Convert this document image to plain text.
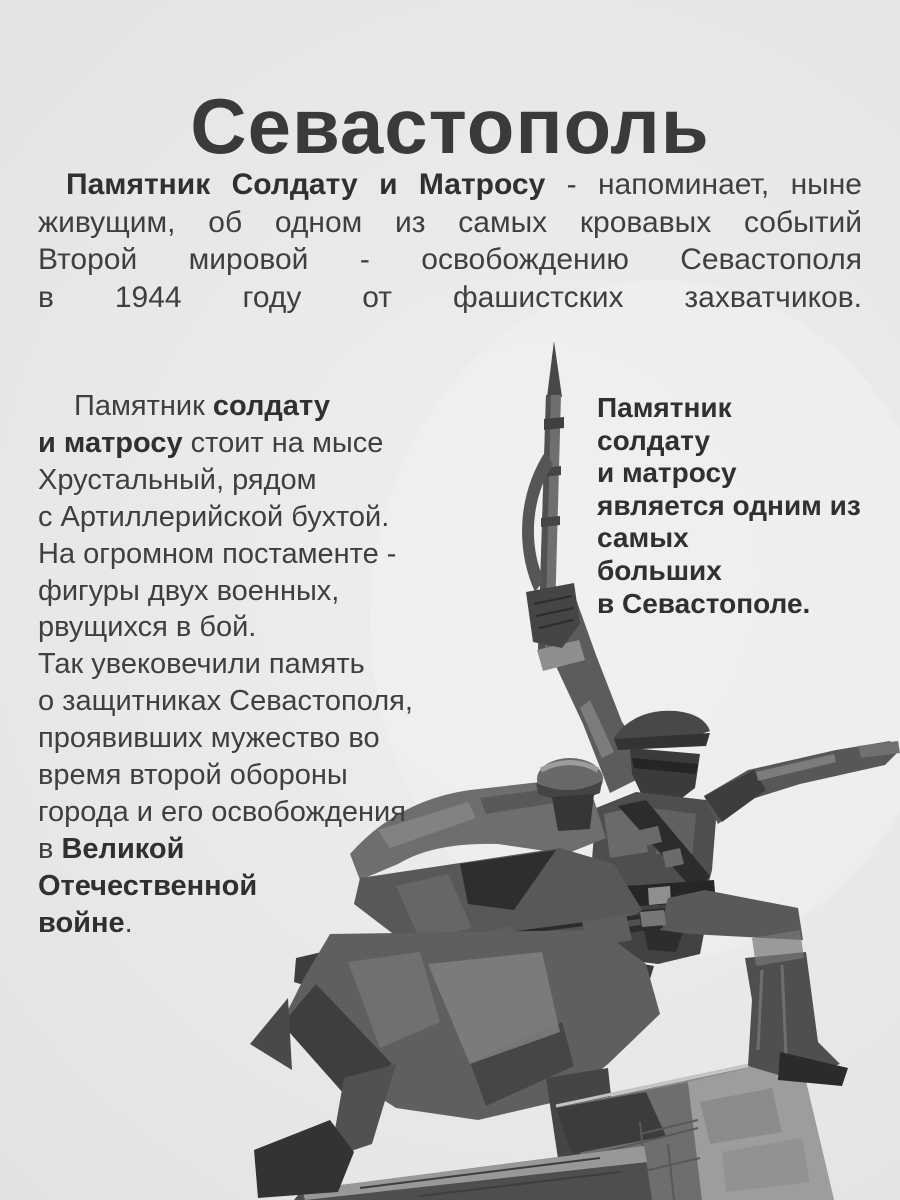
Севастополь
Памятник Солдату и Матросу - напоминает, ныне
живущим, об одном из самых кровавых событий
Второй мировой - освобождению Севастополя
в 1944 году от фашистских захватчиков.
Памятник солдату
и матросу стоит на мысе
Хрустальный, рядом
с Артиллерийской бухтой.
На огромном постаменте -
фигуры двух военных,
рвущихся в бой.
Так увековечили память
о защитниках Севастополя,
проявивших мужество во
время второй обороны
города и его освобождения
в Великой
Отечественной
войне.
Памятник
солдату
и матросу
является одним из
самых
больших
в Севастополе.
